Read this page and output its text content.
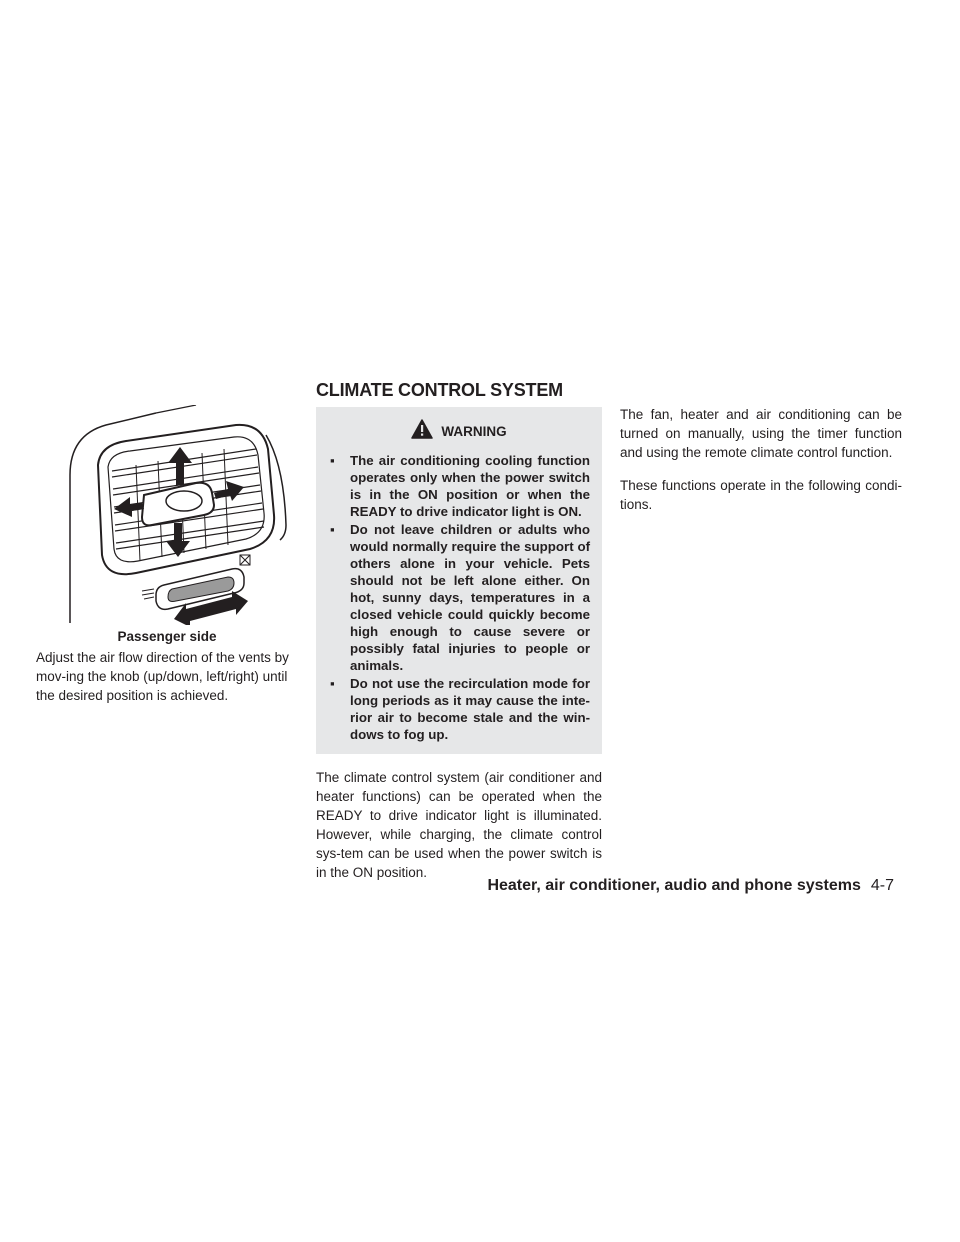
Passenger side

Adjust the air flow direction of the vents by mov-ing the knob (up/down, left/right) until the desired position is achieved.

CLIMATE CONTROL SYSTEM
WARNING
▪ The air conditioning cooling function operates only when the power switch is in the ON position or when the READY to drive indicator light is ON.
▪ Do not leave children or adults who would normally require the support of others alone in your vehicle. Pets should not be left alone either. On hot, sunny days, temperatures in a closed vehicle could quickly become high enough to cause severe or possibly fatal injuries to people or animals.
▪ Do not use the recirculation mode for long periods as it may cause the inte-rior air to become stale and the win-dows to fog up.

The climate control system (air conditioner and heater functions) can be operated when the READY to drive indicator light is illuminated. However, while charging, the climate control sys-tem can be used when the power switch is in the ON position.

The fan, heater and air conditioning can be turned on manually, using the timer function and using the remote climate control function.

These functions operate in the following condi-tions.

Heater, air conditioner, audio and phone systems 4-7
